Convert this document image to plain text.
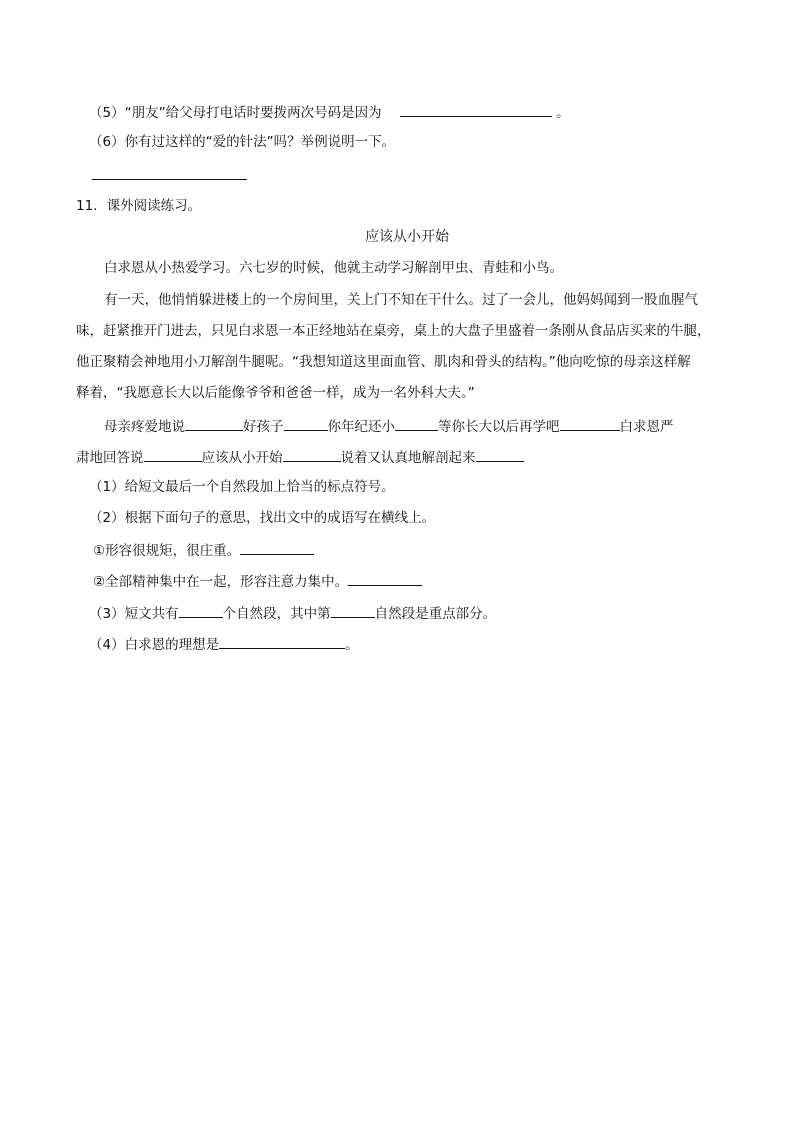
（5）“朋友”给父母打电话时要拨两次号码是因为	。
（6）你有过这样的“爱的针法”吗？举例说明一下。
11．课外阅读练习。
应该从小开始
白求恩从小热爱学习。六七岁的时候，他就主动学习解剖甲虫、青蛙和小鸟。
有一天，他悄悄躲进楼上的一个房间里，关上门不知在干什么。过了一会儿，他妈妈闻到一股血腥气
味，赶紧推开门进去，只见白求恩一本正经地站在桌旁，桌上的大盘子里盛着一条刚从食品店买来的牛腿，
他正聚精会神地用小刀解剖牛腿呢。“我想知道这里面血管、肌肉和骨头的结构。”他向吃惊的母亲这样解
释着，“我愿意长大以后能像爷爷和爸爸一样，成为一名外科大夫。”
母亲疼爱地说	好孩子	你年纪还小	等你长大以后再学吧	白求恩严
肃地回答说	应该从小开始	说着又认真地解剖起来
（1）给短文最后一个自然段加上恰当的标点符号。
（2）根据下面句子的意思，找出文中的成语写在横线上。
①形容很规矩，很庄重。
②全部精神集中在一起，形容注意力集中。
（3）短文共有	个自然段，其中第	自然段是重点部分。
（4）白求恩的理想是	。
